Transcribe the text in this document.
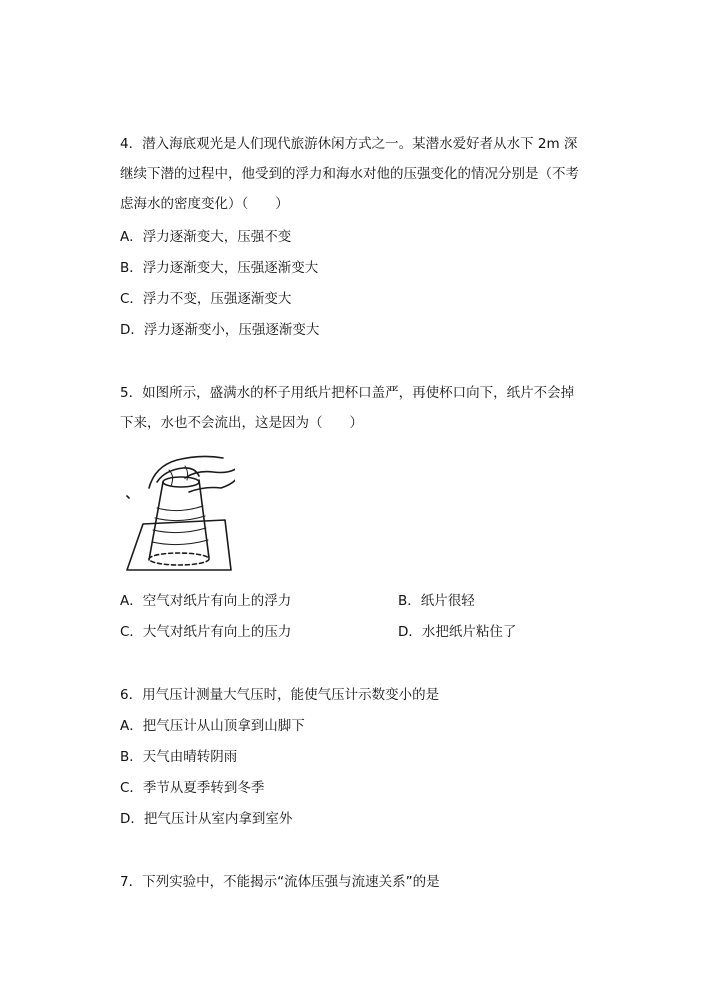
4．潜入海底观光是人们现代旅游休闲方式之一。某潜水爱好者从水下 2m 深
继续下潜的过程中，他受到的浮力和海水对他的压强变化的情况分别是（不考
虑海水的密度变化）（　　）
A．浮力逐渐变大，压强不变
B．浮力逐渐变大，压强逐渐变大
C．浮力不变，压强逐渐变大
D．浮力逐渐变小，压强逐渐变大
5．如图所示，盛满水的杯子用纸片把杯口盖严，再使杯口向下，纸片不会掉
下来，水也不会流出，这是因为（　　）
A．空气对纸片有向上的浮力	B．纸片很轻
C．大气对纸片有向上的压力	D．水把纸片粘住了
6．用气压计测量大气压时，能使气压计示数变小的是
A．把气压计从山顶拿到山脚下
B．天气由晴转阴雨
C．季节从夏季转到冬季
D．把气压计从室内拿到室外
7．下列实验中，不能揭示“流体压强与流速关系”的是
